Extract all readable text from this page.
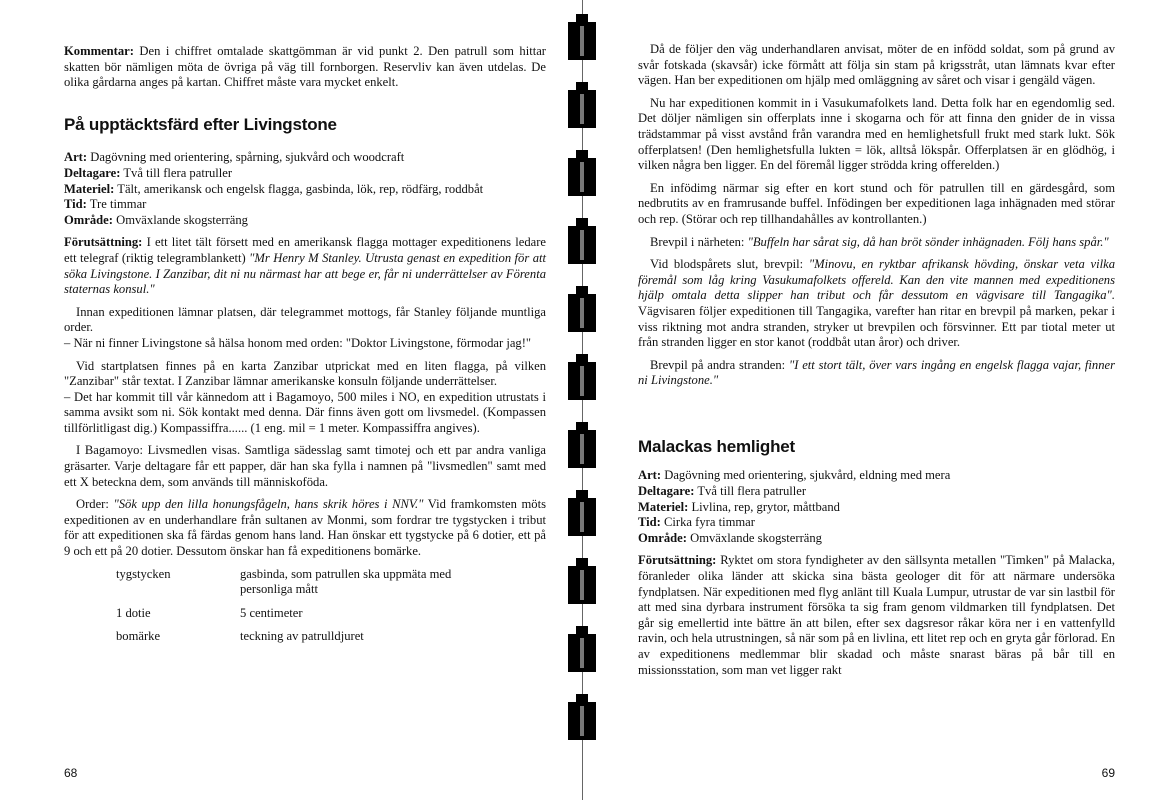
Kommentar: Den i chiffret omtalade skattgömman är vid punkt 2. Den patrull som hittar skatten bör nämligen möta de övriga på väg till fornborgen. Reservliv kan även utdelas. De olika gårdarna anges på kartan. Chiffret måste vara mycket enkelt.

På upptäcktsfärd efter Livingstone

Art: Dagövning med orientering, spårning, sjukvård och woodcraft

Deltagare: Två till flera patruller

Materiel: Tält, amerikansk och engelsk flagga, gasbinda, lök, rep, rödfärg, roddbåt

Tid: Tre timmar

Område: Omväxlande skogsterräng

Förutsättning: I ett litet tält försett med en amerikansk flagga mottager expeditionens ledare ett telegraf (riktig telegramblankett) "Mr Henry M Stanley. Utrusta genast en expedition för att söka Livingstone. I Zanzibar, dit ni nu närmast har att bege er, får ni underrättelser av Förenta staternas konsul."

Innan expeditionen lämnar platsen, där telegrammet mottogs, får Stanley följande muntliga order.

– När ni finner Livingstone så hälsa honom med orden: "Doktor Livingstone, förmodar jag!"

Vid startplatsen finnes på en karta Zanzibar utprickat med en liten flagga, på vilken "Zanzibar" står textat. I Zanzibar lämnar amerikanske konsuln följande underrättelser.

– Det har kommit till vår kännedom att i Bagamoyo, 500 miles i NO, en expedition utrustats i samma avsikt som ni. Sök kontakt med denna. Där finns även gott om livsmedel. (Kompassen tillförlitligast dig.) Kompassiffra...... (1 eng. mil = 1 meter. Kompassiffra angives).

I Bagamoyo: Livsmedlen visas. Samtliga sädesslag samt timotej och ett par andra vanliga gräsarter. Varje deltagare får ett papper, där han ska fylla i namnen på "livsmedlen" samt med ett X beteckna dem, som används till människoföda.

Order: "Sök upp den lilla honungsfågeln, hans skrik höres i NNV." Vid framkomsten möts expeditionen av en underhandlare från sultanen av Monmi, som fordrar tre tygstycken i tribut för att expeditionen ska få färdas genom hans land. Han önskar ett tygstycke på 6 dotier, ett på 9 och ett på 20 dotier. Dessutom önskar han få expeditionens bomärke.

tygstycken	gasbinda, som patrullen ska uppmäta med personliga mått
1 dotie	5 centimeter
bomärke	teckning av patrulldjuret
68

Då de följer den väg underhandlaren anvisat, möter de en infödd soldat, som på grund av svår fotskada (skavsår) icke förmått att följa sin stam på krigsstråt, utan lämnats kvar efter vägen. Han ber expeditionen om hjälp med omläggning av såret och visar i gengäld vägen.

Nu har expeditionen kommit in i Vasukumafolkets land. Detta folk har en egendomlig sed. Det döljer nämligen sin offerplats inne i skogarna och för att finna den gnider de in vissa trädstammar på visst avstånd från varandra med en hemlighetsfull frukt med stark lukt. Sök offerplatsen! (Den hemlighetsfulla lukten = lök, alltså lökspår. Offerplatsen är en glödhög, i vilken några ben ligger. En del föremål ligger strödda kring offerelden.)

En infödimg närmar sig efter en kort stund och för patrullen till en gärdesgård, som nedbrutits av en framrusande buffel. Infödingen ber expeditionen laga inhägnaden med störar och rep. (Störar och rep tillhandahålles av kontrollanten.)

Brevpil i närheten: "Buffeln har sårat sig, då han bröt sönder inhägnaden. Följ hans spår."

Vid blodspårets slut, brevpil: "Minovu, en ryktbar afrikansk hövding, önskar veta vilka föremål som låg kring Vasukumafolkets offereld. Kan den vite mannen med expeditionens hjälp omtala detta slipper han tribut och får dessutom en vägvisare till Tangagika". Vägvisaren följer expeditionen till Tangagika, varefter han ritar en brevpil på marken, pekar i viss riktning mot andra stranden, stryker ut brevpilen och försvinner. Ett par tiotal meter ut från stranden ligger en stor kanot (roddbåt utan åror) och driver.

Brevpil på andra stranden: "I ett stort tält, över vars ingång en engelsk flagga vajar, finner ni Livingstone."

Malackas hemlighet

Art: Dagövning med orientering, sjukvård, eldning med mera

Deltagare: Två till flera patruller

Materiel: Livlina, rep, grytor, måttband

Tid: Cirka fyra timmar

Område: Omväxlande skogsterräng

Förutsättning: Ryktet om stora fyndigheter av den sällsynta metallen "Timken" på Malacka, föranleder olika länder att skicka sina bästa geologer dit för att närmare undersöka fyndplatsen. När expeditionen med flyg anlänt till Kuala Lumpur, utrustar de var sin lastbil för att med sina dyrbara instrument försöka ta sig fram genom vildmarken till fyndplatsen. Det går sig emellertid inte bättre än att bilen, efter sex dagsresor råkar köra ner i en vattenfylld ravin, och hela utrustningen, så när som på en livlina, ett litet rep och en gryta går förlorad. En av expeditionens medlemmar blir skadad och måste snarast bäras på bår till en missionsstation, som man vet ligger rakt

69
